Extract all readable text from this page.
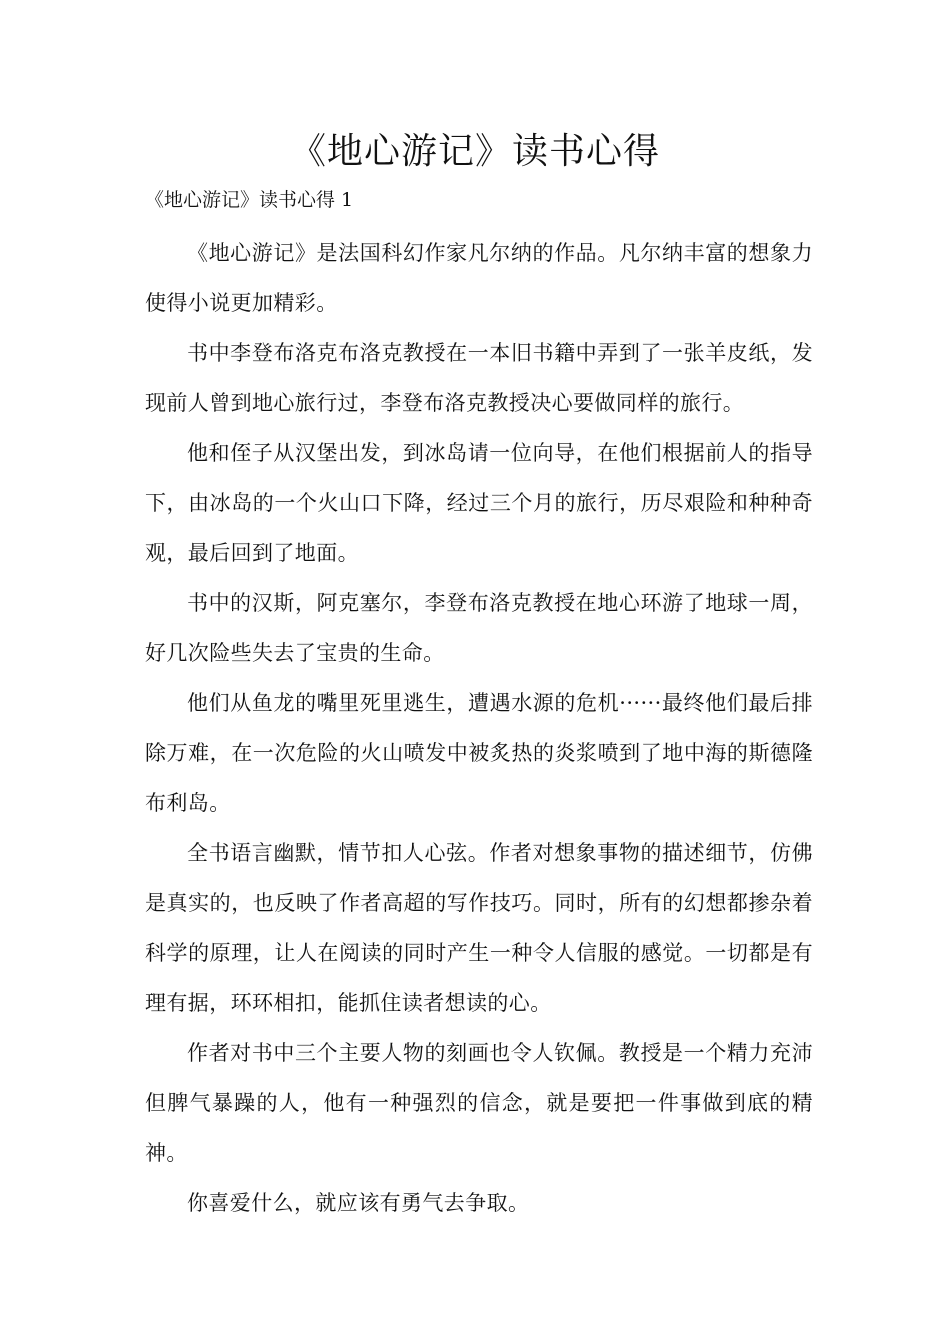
《地心游记》读书心得

《地心游记》读书心得 1

《地心游记》是法国科幻作家凡尔纳的作品。凡尔纳丰富的想象力使得小说更加精彩。

书中李登布洛克布洛克教授在一本旧书籍中弄到了一张羊皮纸，发现前人曾到地心旅行过，李登布洛克教授决心要做同样的旅行。

他和侄子从汉堡出发，到冰岛请一位向导，在他们根据前人的指导下，由冰岛的一个火山口下降，经过三个月的旅行，历尽艰险和种种奇观，最后回到了地面。

书中的汉斯，阿克塞尔，李登布洛克教授在地心环游了地球一周，好几次险些失去了宝贵的生命。

他们从鱼龙的嘴里死里逃生，遭遇水源的危机······最终他们最后排除万难，在一次危险的火山喷发中被炙热的炎浆喷到了地中海的斯德隆布利岛。

全书语言幽默，情节扣人心弦。作者对想象事物的描述细节，仿佛是真实的，也反映了作者高超的写作技巧。同时，所有的幻想都掺杂着科学的原理，让人在阅读的同时产生一种令人信服的感觉。一切都是有理有据，环环相扣，能抓住读者想读的心。

作者对书中三个主要人物的刻画也令人钦佩。教授是一个精力充沛但脾气暴躁的人，他有一种强烈的信念，就是要把一件事做到底的精神。

你喜爱什么，就应该有勇气去争取。
